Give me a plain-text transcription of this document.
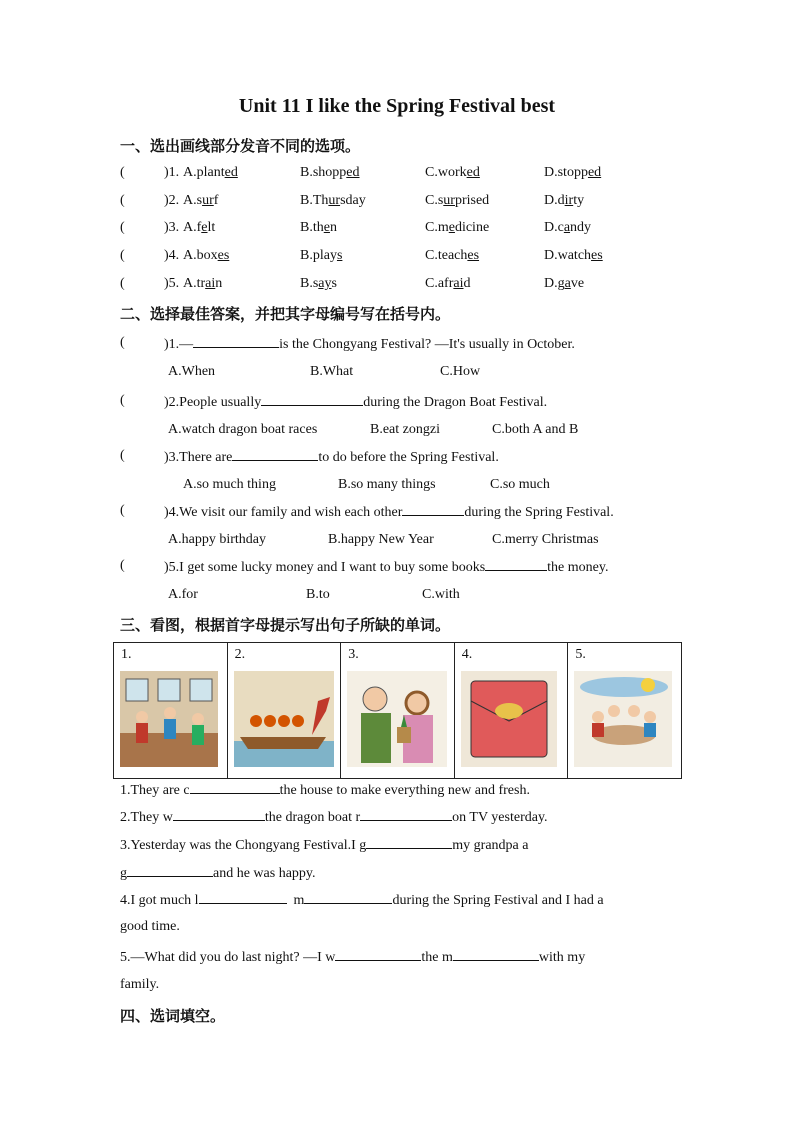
Unit 11 I like the Spring Festival best
一、选出画线部分发音不同的选项。
(	)1. A.planted	B.shopped	C.worked	D.stopped
(	)2. A.surf	B.Thursday	C.surprised	D.dirty
(	)3. A.felt	B.then	C.medicine	D.candy
(	)4. A.boxes	B.plays	C.teaches	D.watches
(	)5. A.train	B.says	C.afraid	D.gave
二、选择最佳答案，并把其字母编号写在括号内。
(	)1.—	is the Chongyang Festival? —It's usually in October.
A.When	B.What	C.How
(	)2.People usually	during the Dragon Boat Festival.
A.watch dragon boat races	B.eat zongzi	C.both A and B
(	)3.There are	to do before the Spring Festival.
A.so much thing	B.so many things	C.so much
(	)4.We visit our family and wish each other	during the Spring Festival.
A.happy birthday	B.happy New Year	C.merry Christmas
(	)5.I get some lucky money and I want to buy some books	the money.
A.for	B.to	C.with
三、看图，根据首字母提示写出句子所缺的单词。
1.	2.	3.	4.	5.
1.They are c	the house to make everything new and fresh.
2.They w	the dragon boat r	on TV yesterday.
3.Yesterday was the Chongyang Festival.I g	my grandpa a
g	and he was happy.
4.I got much l	m	during the Spring Festival and I had a
good time.
5.—What did you do last night? —I w	the m	with my
family.
四、选词填空。
